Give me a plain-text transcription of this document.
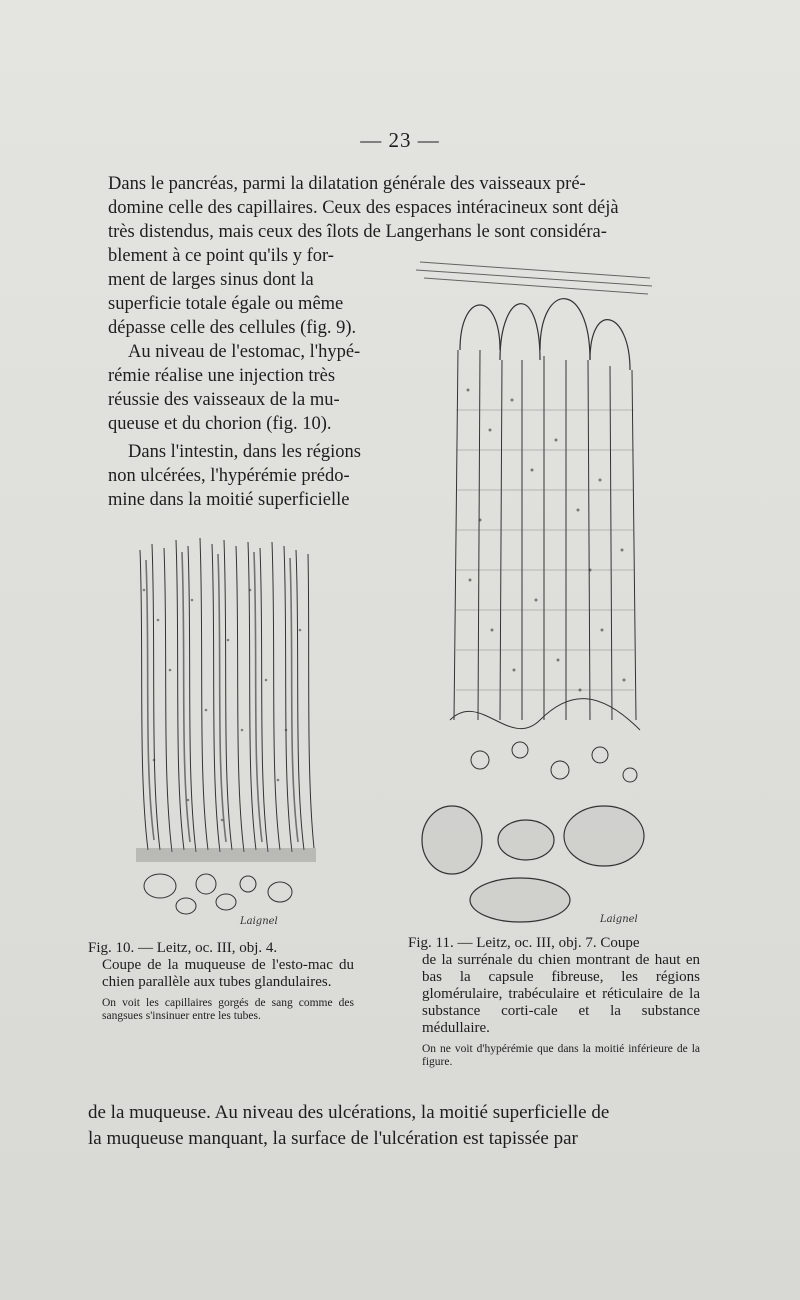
— 23 —
Dans le pancréas, parmi la dilatation générale des vaisseaux pré-
domine celle des capillaires. Ceux des espaces intéracineux sont déjà
très distendus, mais ceux des îlots de Langerhans le sont considéra-
blement à ce point qu'ils y for-
ment de larges sinus dont la
superficie totale égale ou même
dépasse celle des cellules (fig. 9).
Au niveau de l'estomac, l'hypé-
rémie réalise une injection très
réussie des vaisseaux de la mu-
queuse et du chorion (fig. 10).
Dans l'intestin, dans les régions
non ulcérées, l'hypérémie prédo-
mine dans la moitié superficielle
Laignel	Laignel
Fig. 10. — Leitz, oc. III, obj. 4.
Coupe de la muqueuse de l'esto-mac du chien parallèle aux tubes glandulaires.
On voit les capillaires gorgés de sang comme des sangsues s'insinuer entre les tubes.
Fig. 11. — Leitz, oc. III, obj. 7. Coupe
de la surrénale du chien montrant de haut en bas la capsule fibreuse, les régions glomérulaire, trabéculaire et réticulaire de la substance corti-cale et la substance médullaire.
On ne voit d'hypérémie que dans la moitié inférieure de la figure.
de la muqueuse. Au niveau des ulcérations, la moitié superficielle de
la muqueuse manquant, la surface de l'ulcération est tapissée par
